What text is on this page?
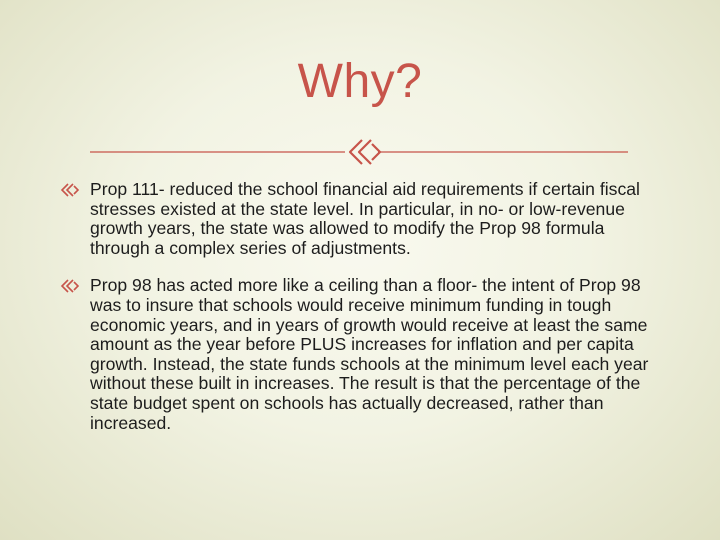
Why?
Prop 111- reduced the school financial aid requirements if certain fiscal stresses existed at the state level. In particular, in no- or low-revenue growth years, the state was allowed to modify the Prop 98 formula through a complex series of adjustments.
Prop 98 has acted more like a ceiling than a floor- the intent of Prop 98 was to insure that schools would receive minimum funding in tough economic years, and in years of growth would receive at least the same amount as the year before PLUS increases for inflation and per capita growth. Instead, the state funds schools at the minimum level each year without these built in increases. The result is that the percentage of the state budget spent on schools has actually decreased, rather than increased.
